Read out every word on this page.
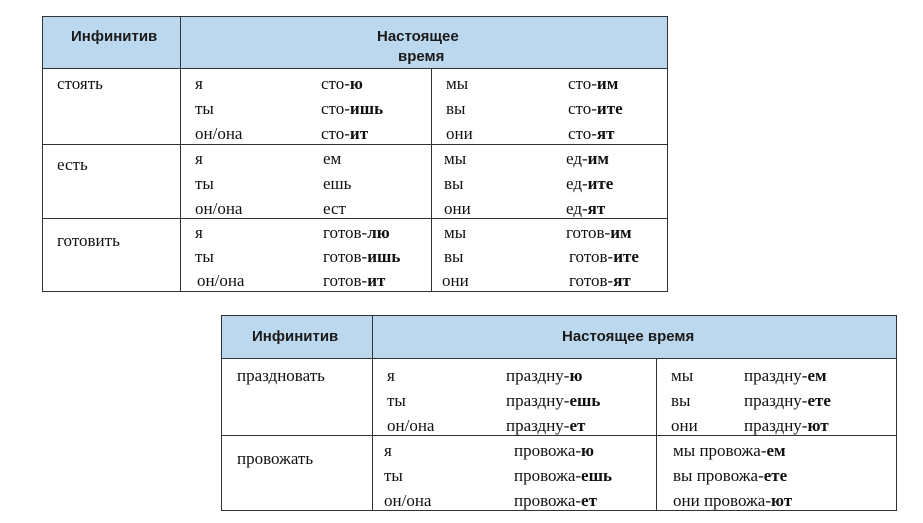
Инфинитив	Настоящее
время
стоять	я	сто-ю
ты	сто-ишь
он/она	сто-ит
мы	сто-им
вы	сто-ите
они	сто-ят
есть	я	ем
ты	ешь
он/она	ест
мы	ед-им
вы	ед-ите
они	ед-ят
готовить	я	готов-лю
ты	готов-ишь
он/она	готов-ит
мы	готов-им
вы	готов-ите
они	готов-ят
Инфинитив	Настоящее время
праздновать	я	праздну-ю
ты	праздну-ешь
он/она	праздну-ет
мы	праздну-ем
вы	праздну-ете
они	праздну-ют
провожать	я	провожа-ю
ты	провожа-ешь
он/она	провожа-ет
мы провожа-ем
вы провожа-ете
они провожа-ют
